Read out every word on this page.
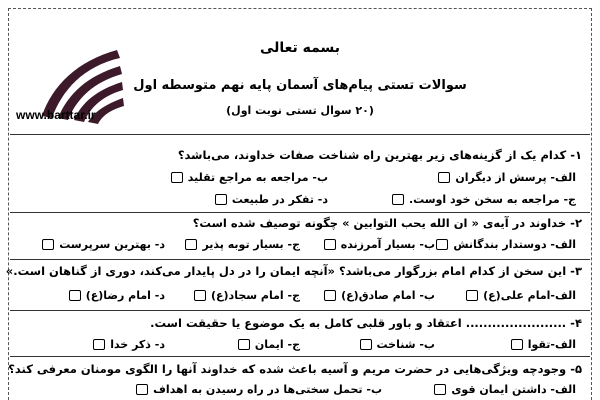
www.barttar.ir
بسمه تعالی
سوالات تستی پیام‌های آسمان پایه نهم متوسطه اول
(۲۰ سوال تستی نوبت اول)
۱- کدام یک از گزینه‌های زیر بهترین راه شناخت صفات خداوند، می‌باشد؟
الف- پرسش از دیگران
ب- مراجعه به مراجع تقلید
ج- مراجعه به سخن خود اوست.
د- تفکر در طبیعت
۲- خداوند در آیه‌ی « ان الله یحب التوابین » چگونه توصیف شده است؟
الف- دوستدار بندگانش
ب- بسیار آمرزنده
ج- بسیار توبه پذیر
د- بهترین سرپرست
۳- این سخن از کدام امام بزرگوار می‌باشد؟ «آنچه ایمان را در دل پایدار می‌کند، دوری از گناهان است.»
الف-امام علی(ع)
ب- امام صادق(ع)
ج- امام سجاد(ع)
د- امام رضا(ع)
۴- ....................... اعتقاد و باور قلبی کامل به یک موضوع یا حقیقت است.
الف-تقوا
ب- شناخت
ج- ایمان
د- ذکر خدا
۵- وجودچه ویژگی‌هایی در حضرت مریم و آسیه باعث شده که خداوند آنها را الگوی مومنان معرفی کند؟
الف- داشتن ایمان قوی
ب- تحمل سختی‌ها در راه رسیدن به اهداف
